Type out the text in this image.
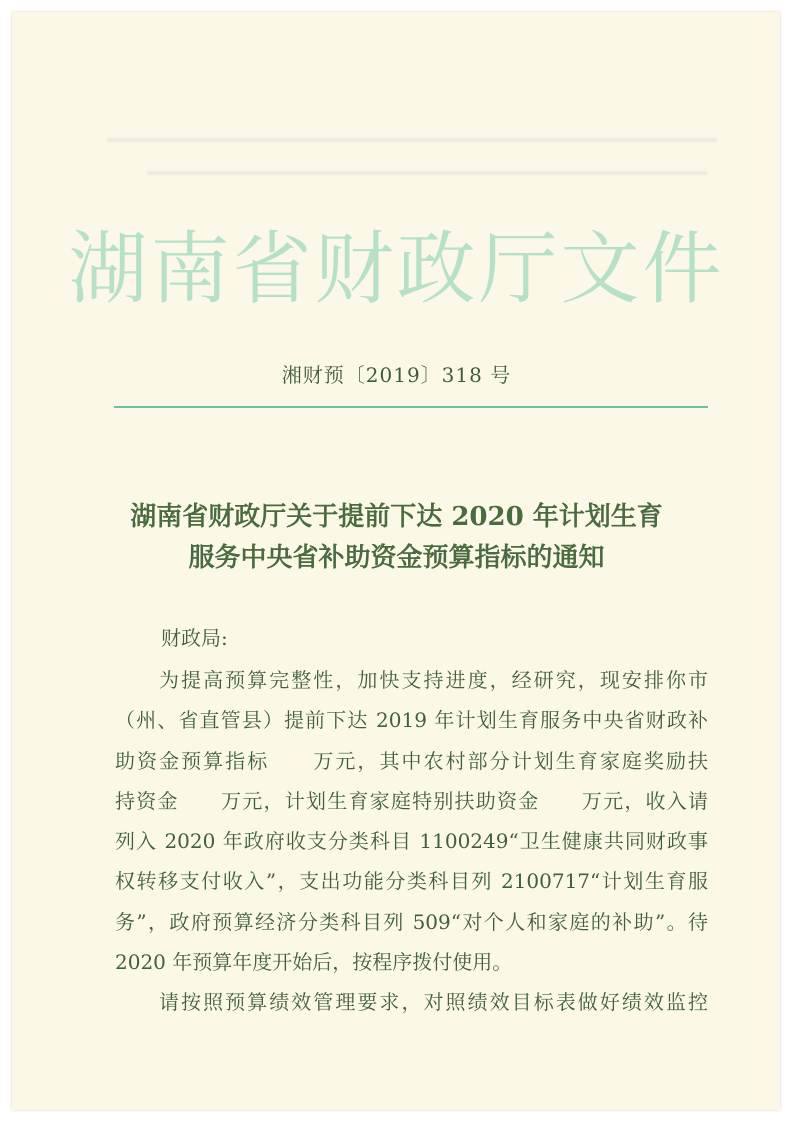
湖南省财政厅文件
湘财预〔2019〕318 号
湖南省财政厅关于提前下达 2020 年计划生育
服务中央省补助资金预算指标的通知
财政局:
为提高预算完整性，加快支持进度，经研究，现安排你市
（州、省直管县）提前下达 2019 年计划生育服务中央省财政补
助资金预算指标　　万元，其中农村部分计划生育家庭奖励扶
持资金　　万元，计划生育家庭特别扶助资金　　万元，收入请
列入 2020 年政府收支分类科目 1100249“卫生健康共同财政事
权转移支付收入”，支出功能分类科目列 2100717“计划生育服
务”，政府预算经济分类科目列 509“对个人和家庭的补助”。待
2020 年预算年度开始后，按程序拨付使用。
请按照预算绩效管理要求，对照绩效目标表做好绩效监控
